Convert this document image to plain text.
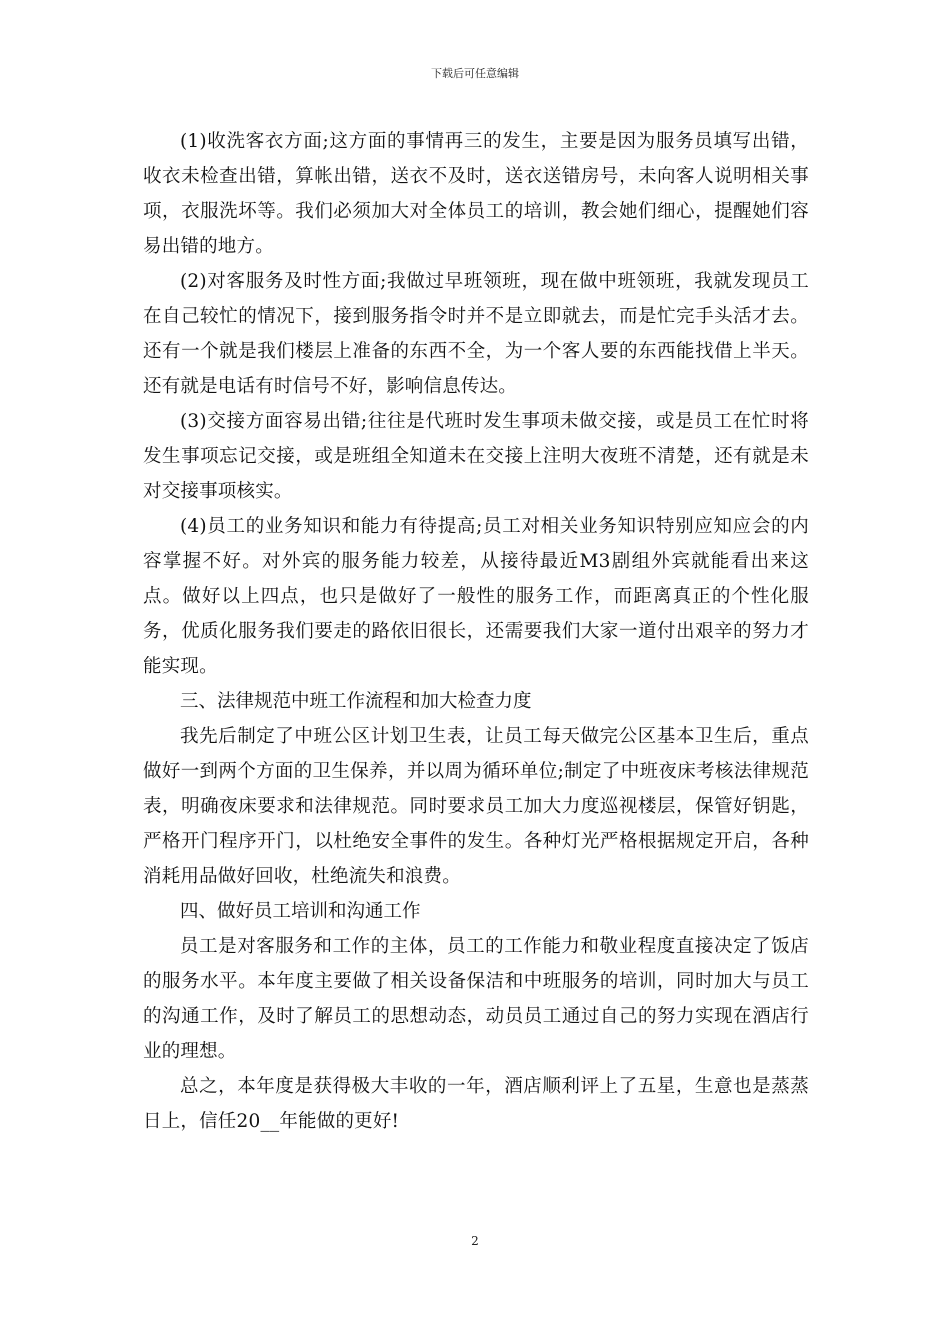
下载后可任意编辑

(1)收洗客衣方面;这方面的事情再三的发生，主要是因为服务员填写出错，收衣未检查出错，算帐出错，送衣不及时，送衣送错房号，未向客人说明相关事项，衣服洗坏等。我们必须加大对全体员工的培训，教会她们细心，提醒她们容易出错的地方。

(2)对客服务及时性方面;我做过早班领班，现在做中班领班，我就发现员工在自己较忙的情况下，接到服务指令时并不是立即就去，而是忙完手头活才去。还有一个就是我们楼层上准备的东西不全，为一个客人要的东西能找借上半天。还有就是电话有时信号不好，影响信息传达。

(3)交接方面容易出错;往往是代班时发生事项未做交接，或是员工在忙时将发生事项忘记交接，或是班组全知道未在交接上注明大夜班不清楚，还有就是未对交接事项核实。

(4)员工的业务知识和能力有待提高;员工对相关业务知识特别应知应会的内容掌握不好。对外宾的服务能力较差，从接待最近M3剧组外宾就能看出来这点。做好以上四点，也只是做好了一般性的服务工作，而距离真正的个性化服务，优质化服务我们要走的路依旧很长，还需要我们大家一道付出艰辛的努力才能实现。

三、法律规范中班工作流程和加大检查力度

我先后制定了中班公区计划卫生表，让员工每天做完公区基本卫生后，重点做好一到两个方面的卫生保养，并以周为循环单位;制定了中班夜床考核法律规范表，明确夜床要求和法律规范。同时要求员工加大力度巡视楼层，保管好钥匙，严格开门程序开门，以杜绝安全事件的发生。各种灯光严格根据规定开启，各种消耗用品做好回收，杜绝流失和浪费。

四、做好员工培训和沟通工作

员工是对客服务和工作的主体，员工的工作能力和敬业程度直接决定了饭店的服务水平。本年度主要做了相关设备保洁和中班服务的培训，同时加大与员工的沟通工作，及时了解员工的思想动态，动员员工通过自己的努力实现在酒店行业的理想。

总之，本年度是获得极大丰收的一年，酒店顺利评上了五星，生意也是蒸蒸日上，信任20__年能做的更好!

2
